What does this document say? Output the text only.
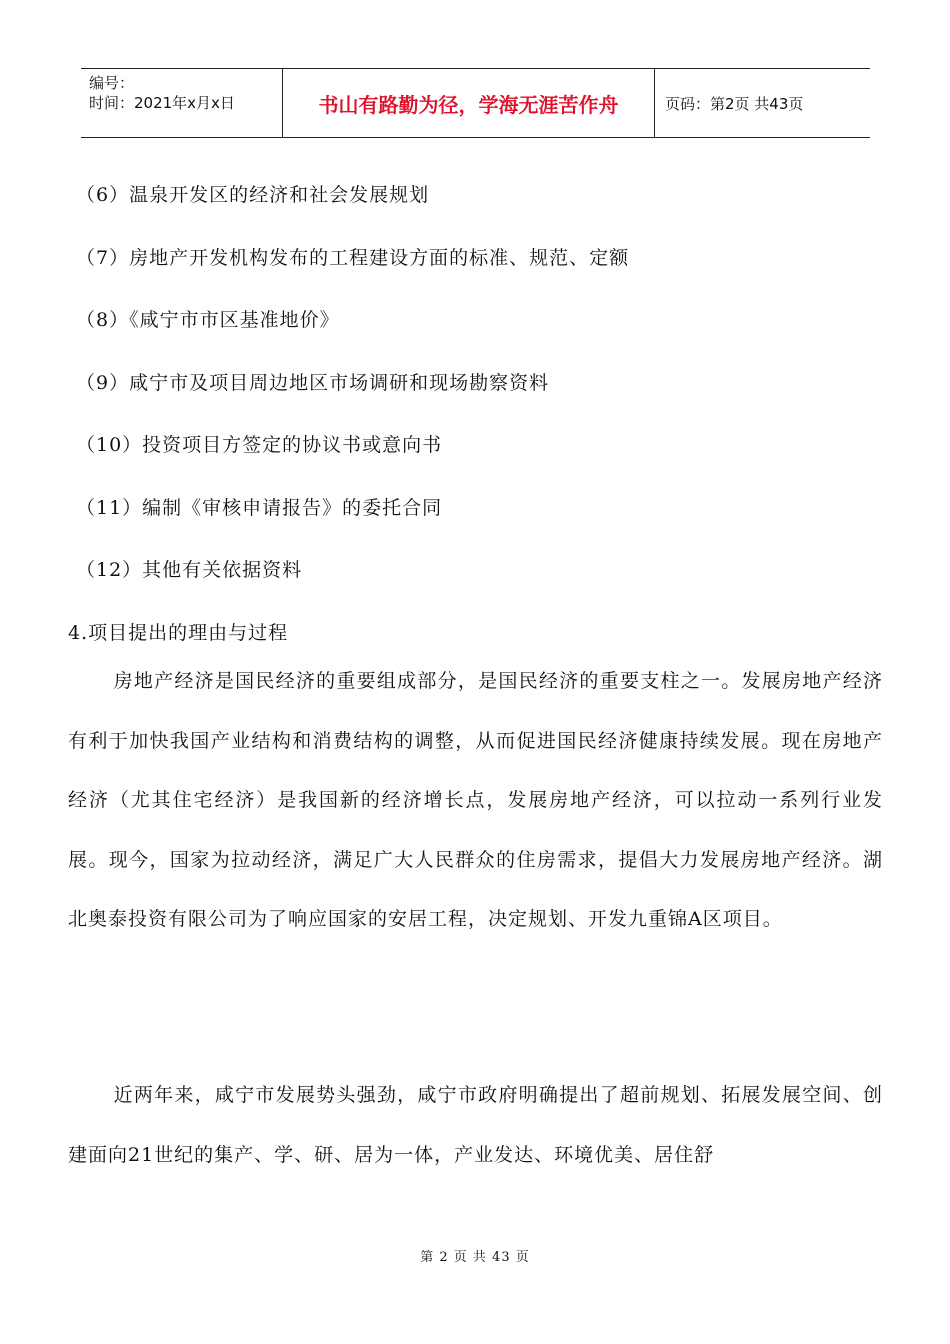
编号：
时间：2021年x月x日	书山有路勤为径，学海无涯苦作舟	页码：第2页 共43页
（6）温泉开发区的经济和社会发展规划
（7）房地产开发机构发布的工程建设方面的标准、规范、定额
（8）《咸宁市市区基准地价》
（9）咸宁市及项目周边地区市场调研和现场勘察资料
（10）投资项目方签定的协议书或意向书
（11）编制《审核申请报告》的委托合同
（12）其他有关依据资料
4.项目提出的理由与过程

房地产经济是国民经济的重要组成部分，是国民经济的重要支柱之一。发展房地产经济有利于加快我国产业结构和消费结构的调整，从而促进国民经济健康持续发展。现在房地产经济（尤其住宅经济）是我国新的经济增长点，发展房地产经济，可以拉动一系列行业发展。现今，国家为拉动经济，满足广大人民群众的住房需求，提倡大力发展房地产经济。湖北奥泰投资有限公司为了响应国家的安居工程，决定规划、开发九重锦A区项目。

近两年来，咸宁市发展势头强劲，咸宁市政府明确提出了超前规划、拓展发展空间、创建面向21世纪的集产、学、研、居为一体，产业发达、环境优美、居住舒

第 2 页 共 43 页
